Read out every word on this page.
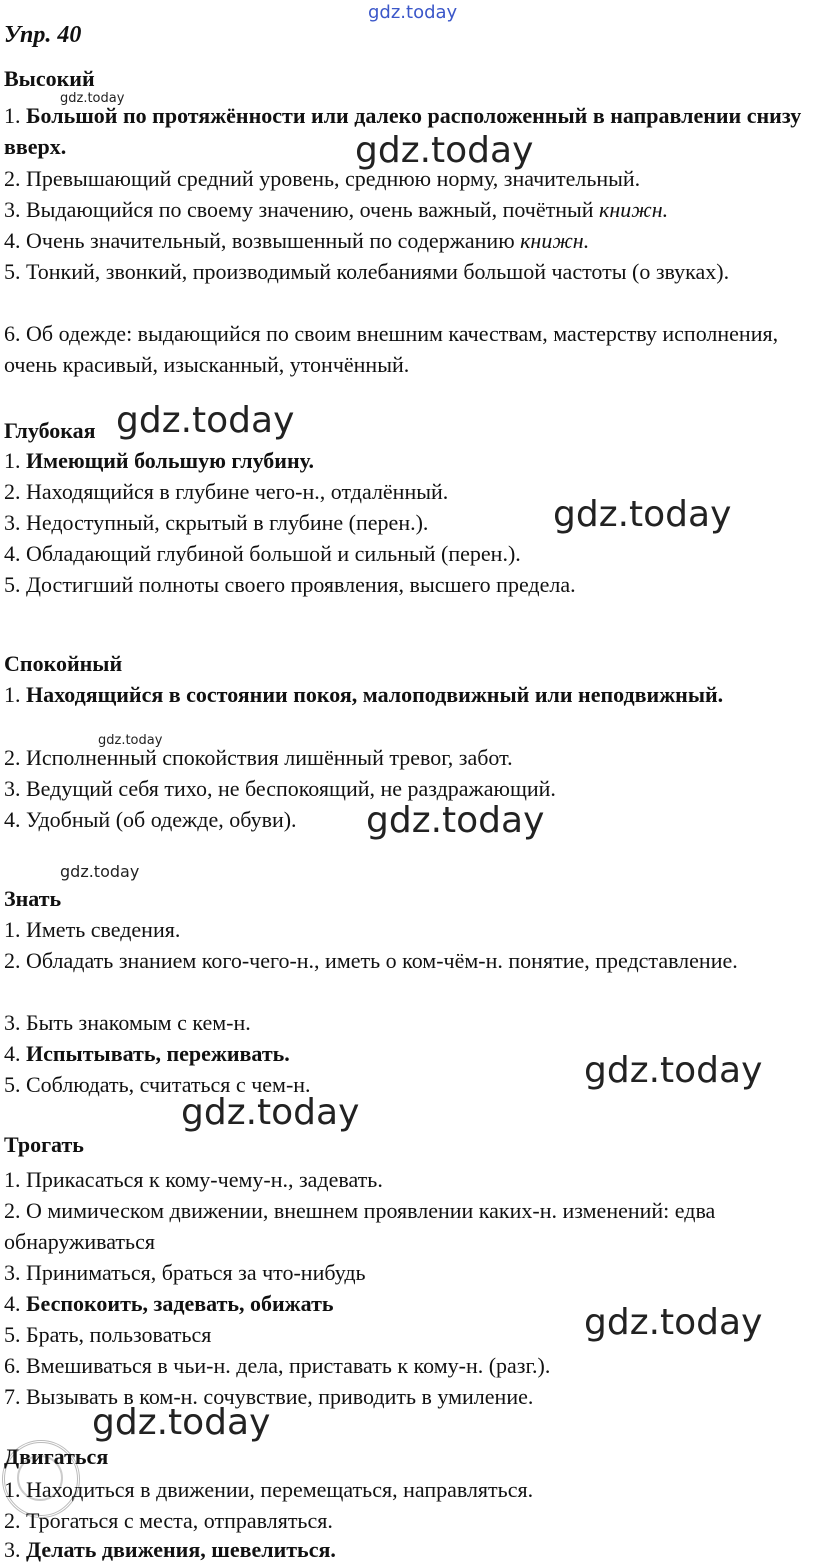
gdz.today
Упр. 40
Высокий
gdz.today
1. Большой по протяжённости или далеко расположенный в направлении снизу вверх.	gdz.today
2. Превышающий средний уровень, среднюю норму, значительный.
3. Выдающийся по своему значению, очень важный, почётный книжн.
4. Очень значительный, возвышенный по содержанию книжн.
5. Тонкий, звонкий, производимый колебаниями большой частоты (о звуках).
6. Об одежде: выдающийся по своим внешним качествам, мастерству исполнения, очень красивый, изысканный, утончённый.
Глубокая gdz.today
1. Имеющий большую глубину.
2. Находящийся в глубине чего-н., отдалённый.
3. Недоступный, скрытый в глубине (перен.).	gdz.today
4. Обладающий глубиной большой и сильный (перен.).
5. Достигший полноты своего проявления, высшего предела.
Спокойный
1. Находящийся в состоянии покоя, малоподвижный или неподвижный.
gdz.today
2. Исполненный спокойствия лишённый тревог, забот.
3. Ведущий себя тихо, не беспокоящий, не раздражающий.
4. Удобный (об одежде, обуви).	gdz.today
gdz.today
Знать
1. Иметь сведения.
2. Обладать знанием кого-чего-н., иметь о ком-чём-н. понятие, представление.
3. Быть знакомым с кем-н.
4. Испытывать, переживать.
5. Соблюдать, считаться с чем-н.	gdz.today
gdz.today
Трогать
1. Прикасаться к кому-чему-н., задевать.
2. О мимическом движении, внешнем проявлении каких-н. изменений: едва обнаруживаться
3. Приниматься, браться за что-нибудь
4. Беспокоить, задевать, обижать
5. Брать, пользоваться	gdz.today
6. Вмешиваться в чьи-н. дела, приставать к кому-н. (разг.).
7. Вызывать в ком-н. сочувствие, приводить в умиление.
gdz.today
Двигаться
1. Находиться в движении, перемещаться, направляться.
2. Трогаться с места, отправляться.
3. Делать движения, шевелиться.
